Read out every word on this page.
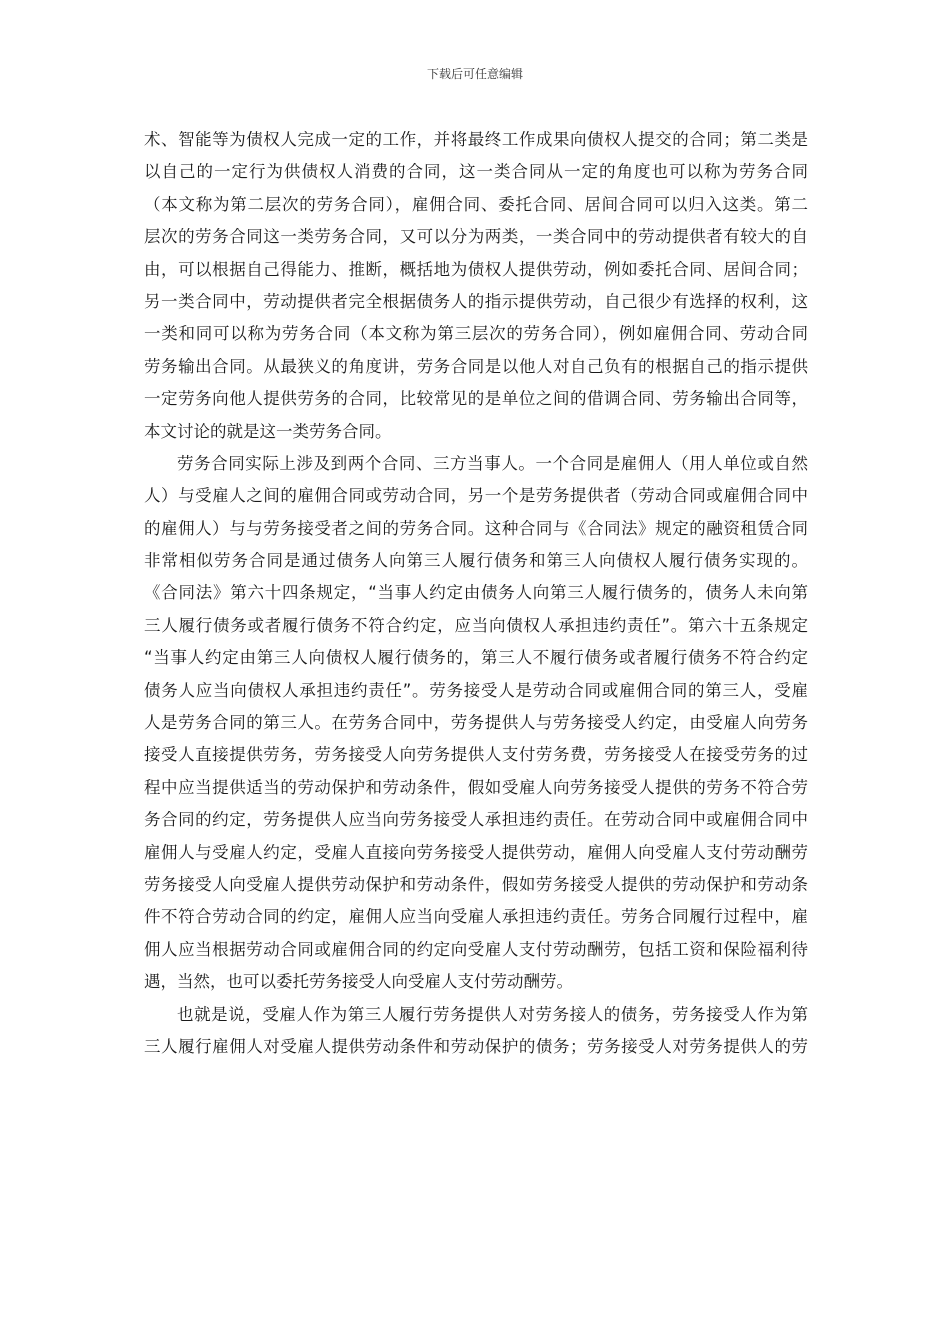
下载后可任意编辑
术、智能等为债权人完成一定的工作，并将最终工作成果向债权人提交的合同；第二类是
以自己的一定行为供债权人消费的合同，这一类合同从一定的角度也可以称为劳务合同
（本文称为第二层次的劳务合同），雇佣合同、委托合同、居间合同可以归入这类。第二
层次的劳务合同这一类劳务合同，又可以分为两类，一类合同中的劳动提供者有较大的自
由，可以根据自己得能力、推断，概括地为债权人提供劳动，例如委托合同、居间合同；
另一类合同中，劳动提供者完全根据债务人的指示提供劳动，自己很少有选择的权利，这
一类和同可以称为劳务合同（本文称为第三层次的劳务合同），例如雇佣合同、劳动合同
劳务输出合同。从最狭义的角度讲，劳务合同是以他人对自己负有的根据自己的指示提供
一定劳务向他人提供劳务的合同，比较常见的是单位之间的借调合同、劳务输出合同等，
本文讨论的就是这一类劳务合同。
劳务合同实际上涉及到两个合同、三方当事人。一个合同是雇佣人（用人单位或自然
人）与受雇人之间的雇佣合同或劳动合同，另一个是劳务提供者（劳动合同或雇佣合同中
的雇佣人）与与劳务接受者之间的劳务合同。这种合同与《合同法》规定的融资租赁合同
非常相似劳务合同是通过债务人向第三人履行债务和第三人向债权人履行债务实现的。
《合同法》第六十四条规定，“当事人约定由债务人向第三人履行债务的，债务人未向第
三人履行债务或者履行债务不符合约定，应当向债权人承担违约责任”。第六十五条规定
“当事人约定由第三人向债权人履行债务的，第三人不履行债务或者履行债务不符合约定
债务人应当向债权人承担违约责任”。劳务接受人是劳动合同或雇佣合同的第三人，受雇
人是劳务合同的第三人。在劳务合同中，劳务提供人与劳务接受人约定，由受雇人向劳务
接受人直接提供劳务，劳务接受人向劳务提供人支付劳务费，劳务接受人在接受劳务的过
程中应当提供适当的劳动保护和劳动条件，假如受雇人向劳务接受人提供的劳务不符合劳
务合同的约定，劳务提供人应当向劳务接受人承担违约责任。在劳动合同中或雇佣合同中
雇佣人与受雇人约定，受雇人直接向劳务接受人提供劳动，雇佣人向受雇人支付劳动酬劳
劳务接受人向受雇人提供劳动保护和劳动条件，假如劳务接受人提供的劳动保护和劳动条
件不符合劳动合同的约定，雇佣人应当向受雇人承担违约责任。劳务合同履行过程中，雇
佣人应当根据劳动合同或雇佣合同的约定向受雇人支付劳动酬劳，包括工资和保险福利待
遇，当然，也可以委托劳务接受人向受雇人支付劳动酬劳。
也就是说，受雇人作为第三人履行劳务提供人对劳务接人的债务，劳务接受人作为第
三人履行雇佣人对受雇人提供劳动条件和劳动保护的债务；劳务接受人对劳务提供人的劳
